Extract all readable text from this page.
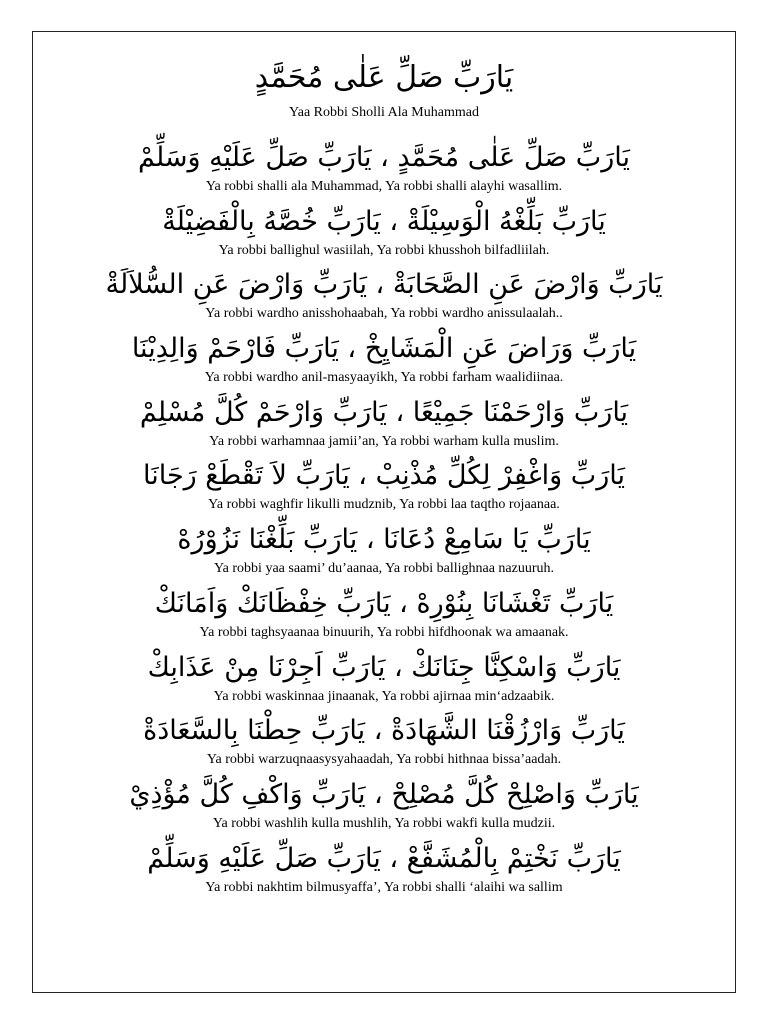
يَارَبِّ صَلِّ عَلٰى مُحَمَّدٍ
Yaa Robbi Sholli Ala Muhammad
يَارَبِّ صَلِّ عَلٰى مُحَمَّدٍ ، يَارَبِّ صَلِّ عَلَيْهِ وَسَلِّمْ
Ya robbi shalli ala Muhammad, Ya robbi shalli alayhi wasallim.
يَارَبِّ بَلِّغْهُ الْوَسِيْلَةْ ، يَارَبِّ خُصَّهُ بِالْفَضِيْلَةْ
Ya robbi ballighul wasiilah, Ya robbi khusshoh bilfadliilah.
يَارَبِّ وَارْضَ عَنِ الصَّحَابَةْ ، يَارَبِّ وَارْضَ عَنِ السُّلاَلَةْ
Ya robbi wardho anisshohaabah, Ya robbi wardho anissulaalah..
يَارَبِّ وَرَاضَ عَنِ الْمَشَايِخْ ، يَارَبِّ فَارْحَمْ وَالِدِيْنَا
Ya robbi wardho anil-masyaayikh, Ya robbi farham waalidiinaa.
يَارَبِّ وَارْحَمْنَا جَمِيْعًا ، يَارَبِّ وَارْحَمْ كُلَّ مُسْلِمْ
Ya robbi warhamnaa jamii’an, Ya robbi warham kulla muslim.
يَارَبِّ وَاغْفِرْ لِكُلِّ مُذْنِبْ ، يَارَبِّ لاَ تَقْطَعْ رَجَانَا
Ya robbi waghfir likulli mudznib, Ya robbi laa taqtho rojaanaa.
يَارَبِّ يَا سَامِعْ دُعَانَا ، يَارَبِّ بَلِّغْنَا نَزُوْرُهْ
Ya robbi yaa saami’ du’aanaa, Ya robbi ballighnaa nazuuruh.
يَارَبِّ تَغْشَانَا بِنُوْرِهْ ، يَارَبِّ خِفْظَانَكْ وَاَمَانَكْ
Ya robbi taghsyaanaa binuurih, Ya robbi hifdhoonak wa amaanak.
يَارَبِّ وَاسْكِنَّا جِنَانَكْ ، يَارَبِّ اَجِرْنَا مِنْ عَذَابِكْ
Ya robbi waskinnaa jinaanak, Ya robbi ajirnaa min‘adzaabik.
يَارَبِّ وَارْزُقْنَا الشَّهَادَةْ ، يَارَبِّ حِطْنَا بِالسَّعَادَةْ
Ya robbi warzuqnaasysyahaadah, Ya robbi hithnaa bissa’aadah.
يَارَبِّ وَاصْلِحْ كُلَّ مُصْلِحْ ، يَارَبِّ وَاكْفِ كُلَّ مُؤْذِيْ
Ya robbi washlih kulla mushlih, Ya robbi wakfi kulla mudzii.
يَارَبِّ نَخْتِمْ بِالْمُشَفَّعْ ، يَارَبِّ صَلِّ عَلَيْهِ وَسَلِّمْ
Ya robbi nakhtim bilmusyaffa’, Ya robbi shalli ‘alaihi wa sallim
